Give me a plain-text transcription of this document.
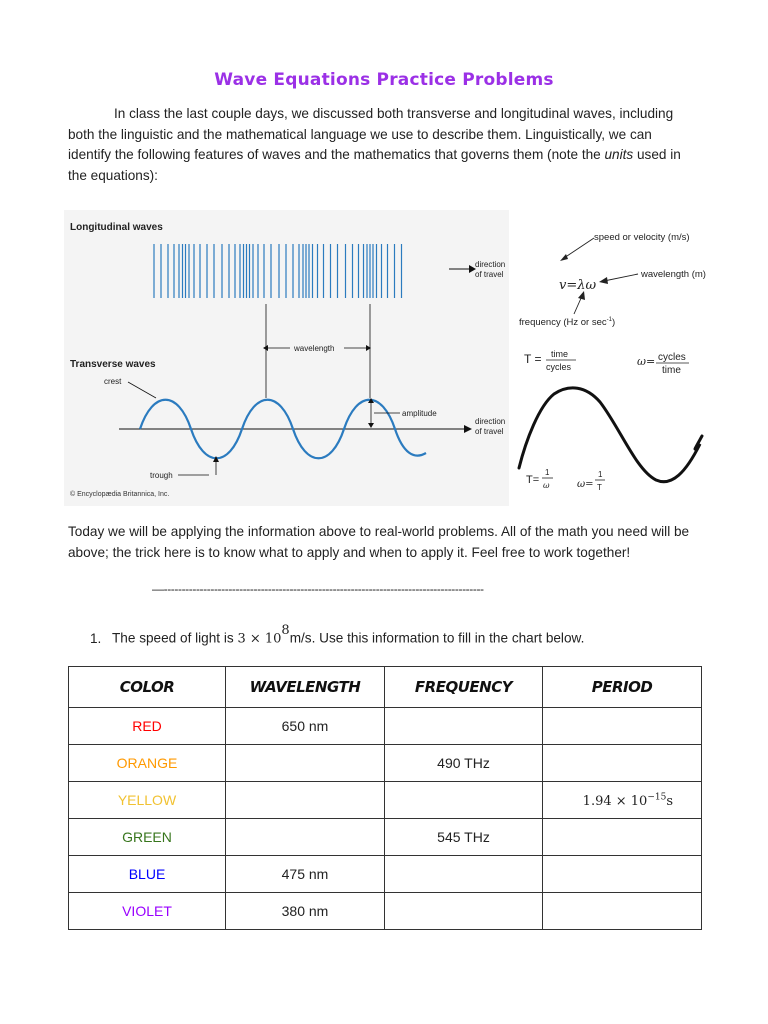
Wave Equations Practice Problems
In class the last couple days, we discussed both transverse and longitudinal waves, including
both the linguistic and the mathematical language we use to describe them. Linguistically, we can
identify the following features of waves and the mathematics that governs them (note the units used in
the equations):
Longitudinal waves
direction
of travel
wavelength
Transverse waves
crest
direction
of travel
amplitude
trough
© Encyclopædia Britannica, Inc.
speed or velocity (m/s)
v=λω
wavelength (m)
frequency (Hz or $\sec^{-1}$)
T = time
cycles	ω= cycles
time
T=
1
ω	ω=
1
T
Today we will be applying the information above to real-world problems. All of the math you need will be
above; the trick here is to know what to apply and when to apply it. Feel free to work together!
—-----------------------------------------------------------------------------------------
1. The speed of light is $3 \times 10^8m/s$. Use this information to fill in the chart below.
COLOR	WAVELENGTH	FREQUENCY	PERIOD
RED	650 nm		
ORANGE		490 THz	
YELLOW			$1.94 \times 10^{-15}s$
GREEN		545 THz	
BLUE	475 nm		
VIOLET	380 nm		
